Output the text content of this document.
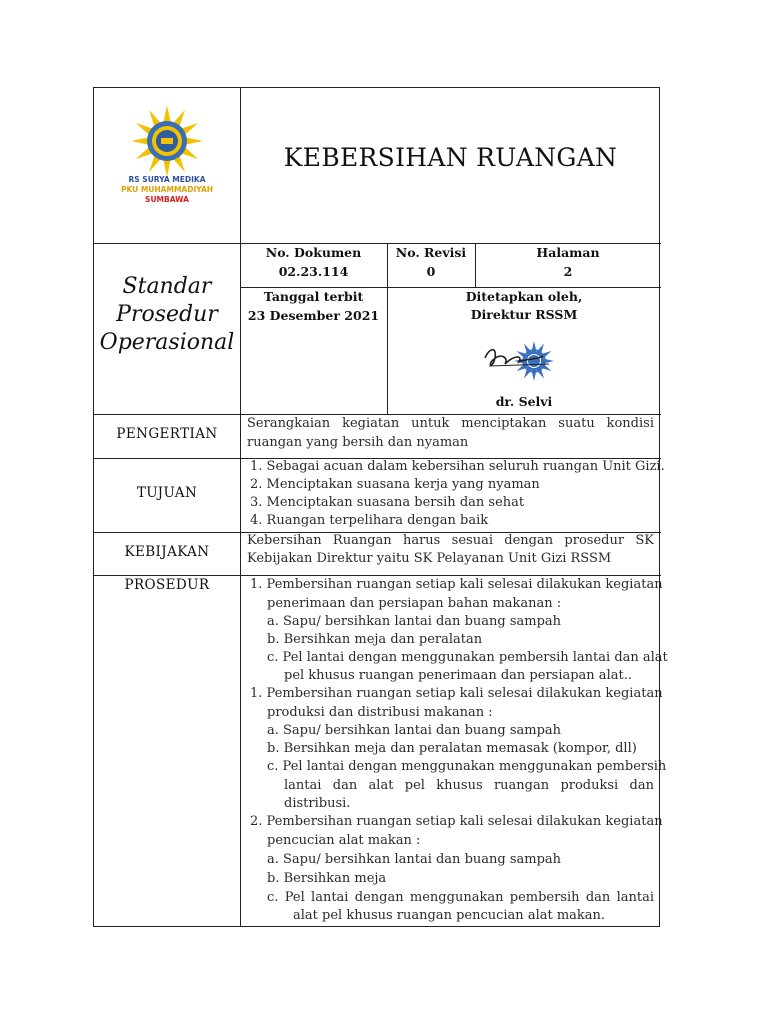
RS SURYA MEDIKA
PKU MUHAMMADIYAH
SUMBAWA
KEBERSIHAN RUANGAN
Standar
Prosedur
Operasional
No. Dokumen
02.23.114
No. Revisi
0
Halaman
2
Tanggal terbit
23 Desember 2021
Ditetapkan oleh,
Direktur RSSM
dr. Selvi
PENGERTIAN
Serangkaian kegiatan untuk menciptakan suatu kondisi
ruangan yang bersih dan nyaman
TUJUAN
1. Sebagai acuan dalam kebersihan seluruh ruangan Unit Gizi.
2. Menciptakan suasana kerja yang nyaman
3. Menciptakan suasana bersih dan sehat
4. Ruangan terpelihara dengan baik
KEBIJAKAN
Kebersihan Ruangan harus sesuai dengan prosedur SK
Kebijakan Direktur yaitu SK Pelayanan Unit Gizi RSSM
PROSEDUR	1. Pembersihan ruangan setiap kali selesai dilakukan kegiatan
penerimaan dan persiapan bahan makanan :
a. Sapu/ bersihkan lantai dan buang sampah
b. Bersihkan meja dan peralatan
c. Pel lantai dengan menggunakan pembersih lantai dan alat
pel khusus ruangan penerimaan dan persiapan alat..
1. Pembersihan ruangan setiap kali selesai dilakukan kegiatan
produksi dan distribusi makanan :
a. Sapu/ bersihkan lantai dan buang sampah
b. Bersihkan meja dan peralatan memasak (kompor, dll)
c. Pel lantai dengan menggunakan menggunakan pembersih
lantai dan alat pel khusus ruangan produksi dan
distribusi.
2. Pembersihan ruangan setiap kali selesai dilakukan kegiatan
pencucian alat makan :
a. Sapu/ bersihkan lantai dan buang sampah
b. Bersihkan meja
c. Pel lantai dengan menggunakan pembersih dan lantai
alat pel khusus ruangan pencucian alat makan.
